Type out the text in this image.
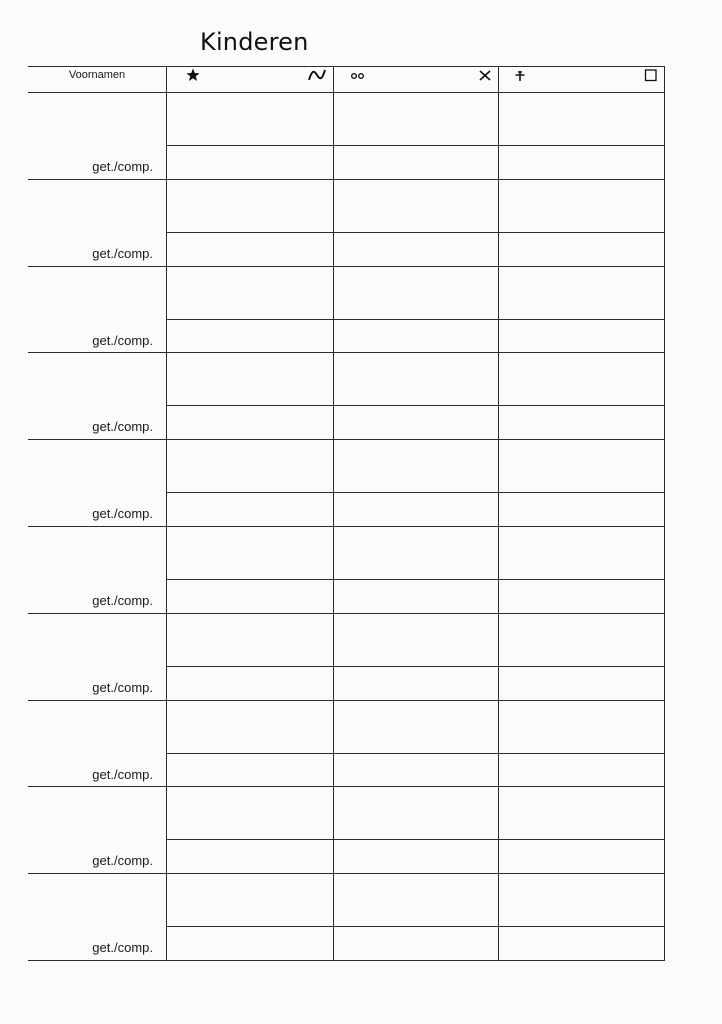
Kinderen
Voornamen
get./comp.
get./comp.
get./comp.
get./comp.
get./comp.
get./comp.
get./comp.
get./comp.
get./comp.
get./comp.
